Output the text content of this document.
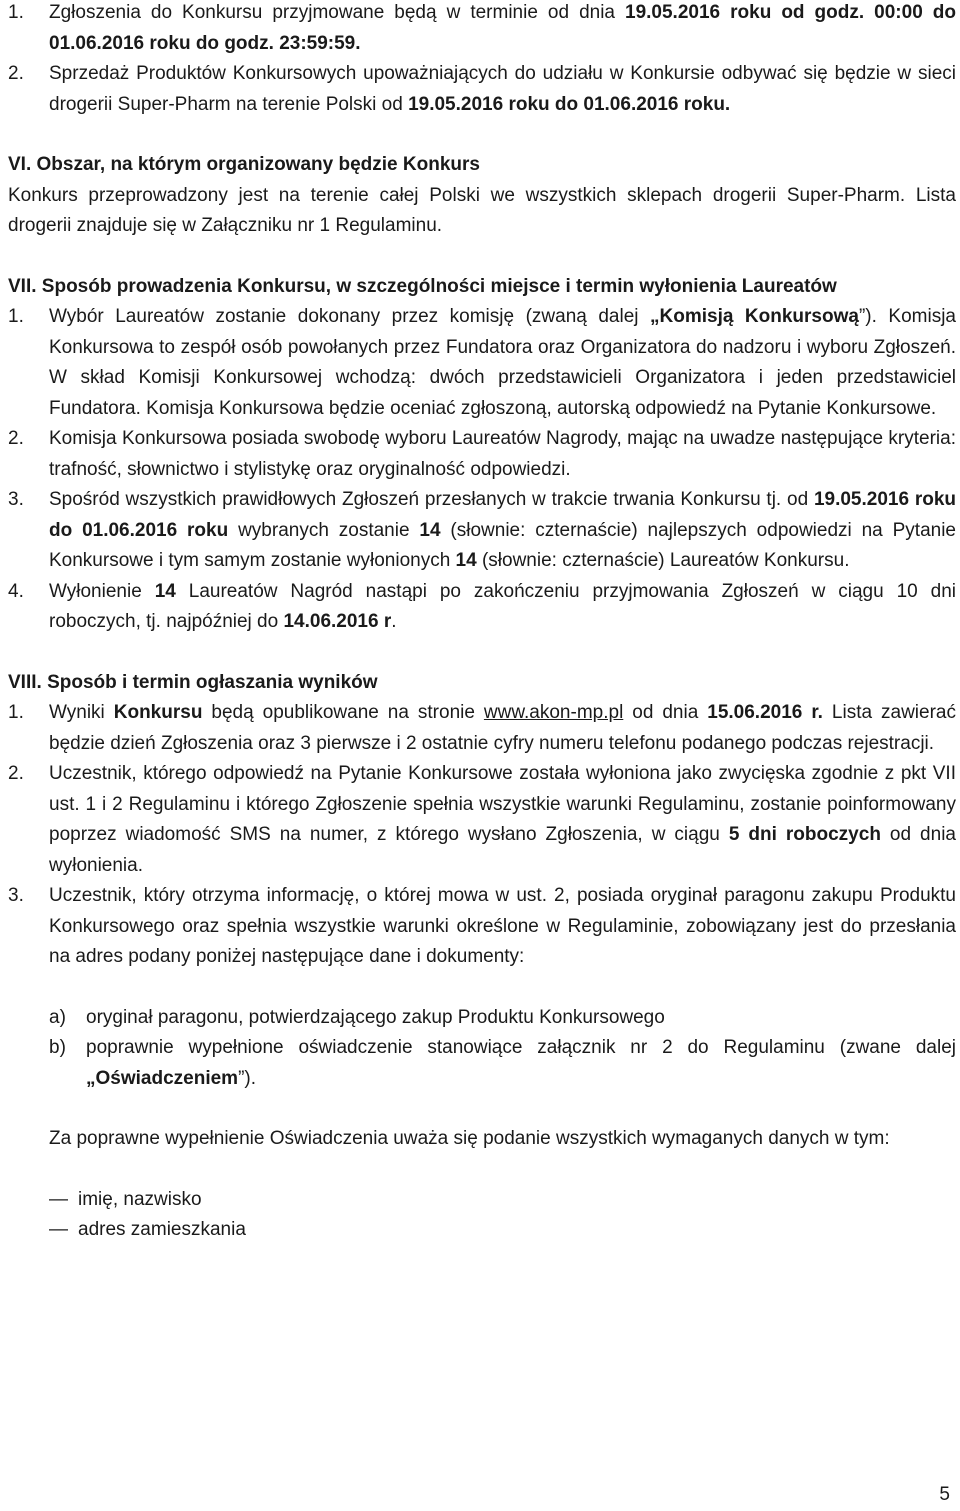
1. Zgłoszenia do Konkursu przyjmowane będą w terminie od dnia 19.05.2016 roku od godz. 00:00 do 01.06.2016 roku do godz. 23:59:59.
2. Sprzedaż Produktów Konkursowych upoważniających do udziału w Konkursie odbywać się będzie w sieci drogerii Super-Pharm na terenie Polski od 19.05.2016 roku do 01.06.2016 roku.
VI. Obszar, na którym organizowany będzie Konkurs
Konkurs przeprowadzony jest na terenie całej Polski we wszystkich sklepach drogerii Super-Pharm. Lista drogerii znajduje się w Załączniku nr 1 Regulaminu.
VII. Sposób prowadzenia Konkursu, w szczególności miejsce i termin wyłonienia Laureatów
1. Wybór Laureatów zostanie dokonany przez komisję (zwaną dalej „Komisją Konkursową”). Komisja Konkursowa to zespół osób powołanych przez Fundatora oraz Organizatora do nadzoru i wyboru Zgłoszeń. W skład Komisji Konkursowej wchodzą: dwóch przedstawicieli Organizatora i jeden przedstawiciel Fundatora. Komisja Konkursowa będzie oceniać zgłoszoną, autorską odpowiedź na Pytanie Konkursowe.
2. Komisja Konkursowa posiada swobodę wyboru Laureatów Nagrody, mając na uwadze następujące kryteria: trafność, słownictwo i stylistykę oraz oryginalność odpowiedzi.
3. Spośród wszystkich prawidłowych Zgłoszeń przesłanych w trakcie trwania Konkursu tj. od 19.05.2016 roku do 01.06.2016 roku wybranych zostanie 14 (słownie: czternaście) najlepszych odpowiedzi na Pytanie Konkursowe i tym samym zostanie wyłonionych 14 (słownie: czternaście) Laureatów Konkursu.
4. Wyłonienie 14 Laureatów Nagród nastąpi po zakończeniu przyjmowania Zgłoszeń w ciągu 10 dni roboczych, tj. najpóźniej do 14.06.2016 r.
VIII. Sposób i termin ogłaszania wyników
1. Wyniki Konkursu będą opublikowane na stronie www.akon-mp.pl od dnia 15.06.2016 r. Lista zawierać będzie dzień Zgłoszenia oraz 3 pierwsze i 2 ostatnie cyfry numeru telefonu podanego podczas rejestracji.
2. Uczestnik, którego odpowiedź na Pytanie Konkursowe została wyłoniona jako zwycięska zgodnie z pkt VII ust. 1 i 2 Regulaminu i którego Zgłoszenie spełnia wszystkie warunki Regulaminu, zostanie poinformowany poprzez wiadomość SMS na numer, z którego wysłano Zgłoszenia, w ciągu 5 dni roboczych od dnia wyłonienia.
3. Uczestnik, który otrzyma informację, o której mowa w ust. 2, posiada oryginał paragonu zakupu Produktu Konkursowego oraz spełnia wszystkie warunki określone w Regulaminie, zobowiązany jest do przesłania na adres podany poniżej następujące dane i dokumenty:
a) oryginał paragonu, potwierdzającego zakup Produktu Konkursowego
b) poprawnie wypełnione oświadczenie stanowiące załącznik nr 2 do Regulaminu (zwane dalej „Oświadczeniem”).
Za poprawne wypełnienie Oświadczenia uważa się podanie wszystkich wymaganych danych w tym:
— imię, nazwisko
— adres zamieszkania
5
